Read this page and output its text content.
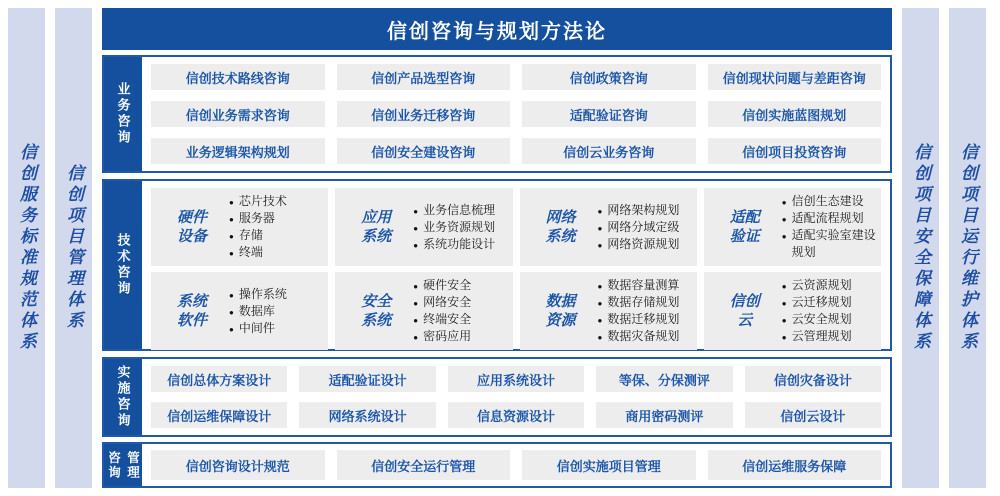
信创服务标准规范体系 信创项目管理体系
信创咨询与规划方法论
业务咨询
信创技术路线咨询	信创产品选型咨询	信创政策咨询	信创现状问题与差距咨询
信创业务需求咨询	信创业务迁移咨询	适配验证咨询	信创实施蓝图规划
业务逻辑架构规划	信创安全建设咨询	信创云业务咨询	信创项目投资咨询
技术咨询
硬件
设备
● 芯片技术
● 服务器
● 存储
● 终端
应用
系统
● 业务信息梳理
● 业务资源规划
● 系统功能设计
网络
系统
● 网络架构规划
● 网络分域定级
● 网络资源规划
适配
验证
● 信创生态建设
● 适配流程规划
● 适配实验室建设规划
系统
软件
● 操作系统
● 数据库
● 中间件
安全
系统
● 硬件安全
● 网络安全
● 终端安全
● 密码应用
数据
资源
● 数据容量测算
● 数据存储规划
● 数据迁移规划
● 数据灾备规划
信创
云
● 云资源规划
● 云迁移规划
● 云安全规划
● 云管理规划
实施咨询	信创总体方案设计	适配验证设计	应用系统设计	等保、分保测评	信创灾备设计
信创运维保障设计	网络系统设计	信息资源设计	商用密码测评	信创云设计
咨询 管理	信创咨询设计规范	信创安全运行管理	信创实施项目管理	信创运维服务保障
信创项目安全保障体系 信创项目运行维护体系
